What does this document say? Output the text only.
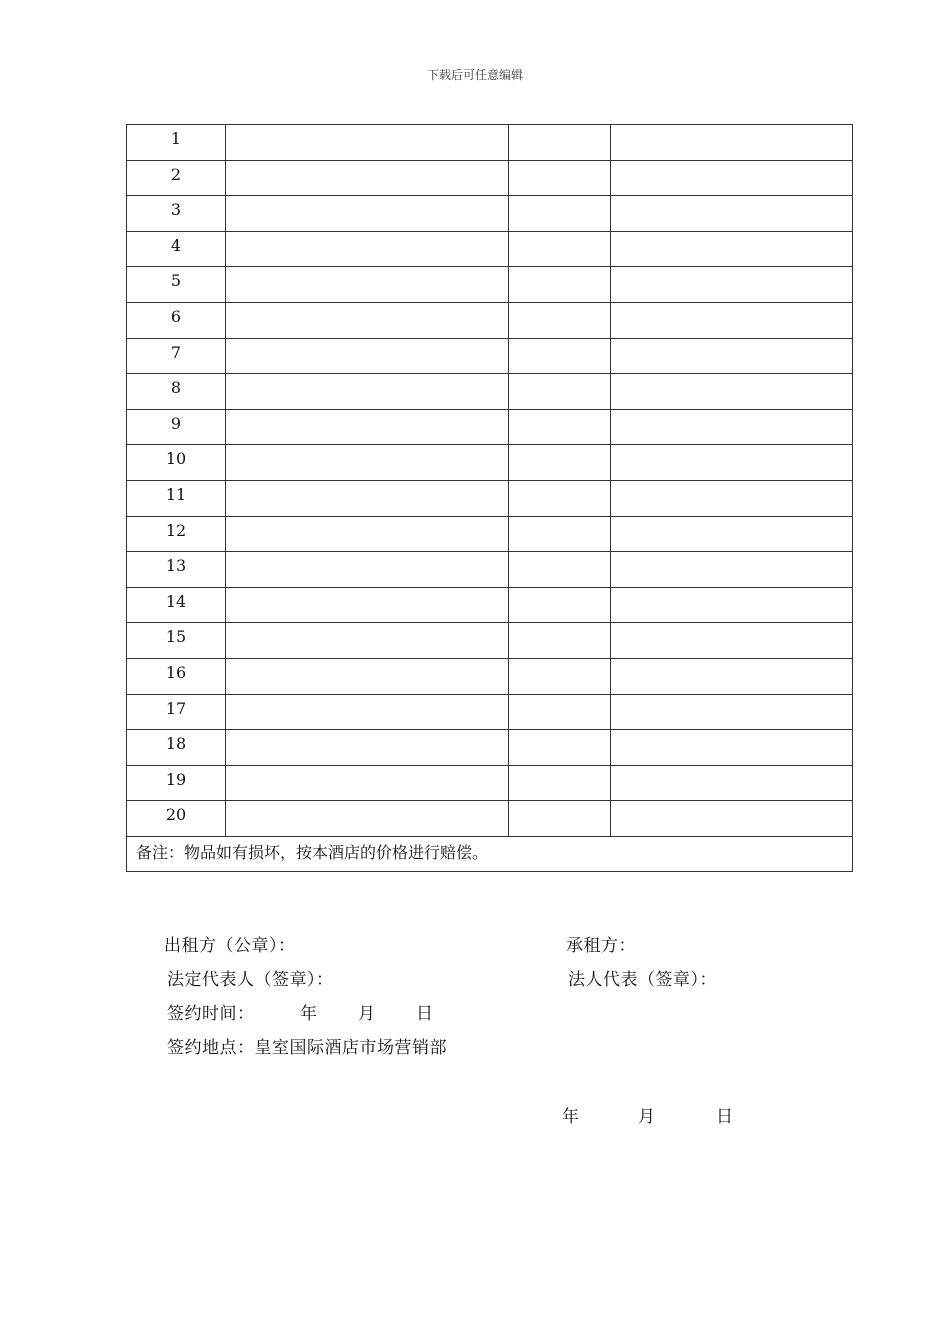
下载后可任意编辑
1			
2			
3			
4			
5			
6			
7			
8			
9			
10			
11			
12			
13			
14			
15			
16			
17			
18			
19			
20			
备注：物品如有损坏，按本酒店的价格进行赔偿。			
出租方（公章）：	承租方：
法定代表人（签章）：	法人代表（签章）：
签约时间：	年 月 日
签约地点：皇室国际酒店市场营销部
年	月	日
